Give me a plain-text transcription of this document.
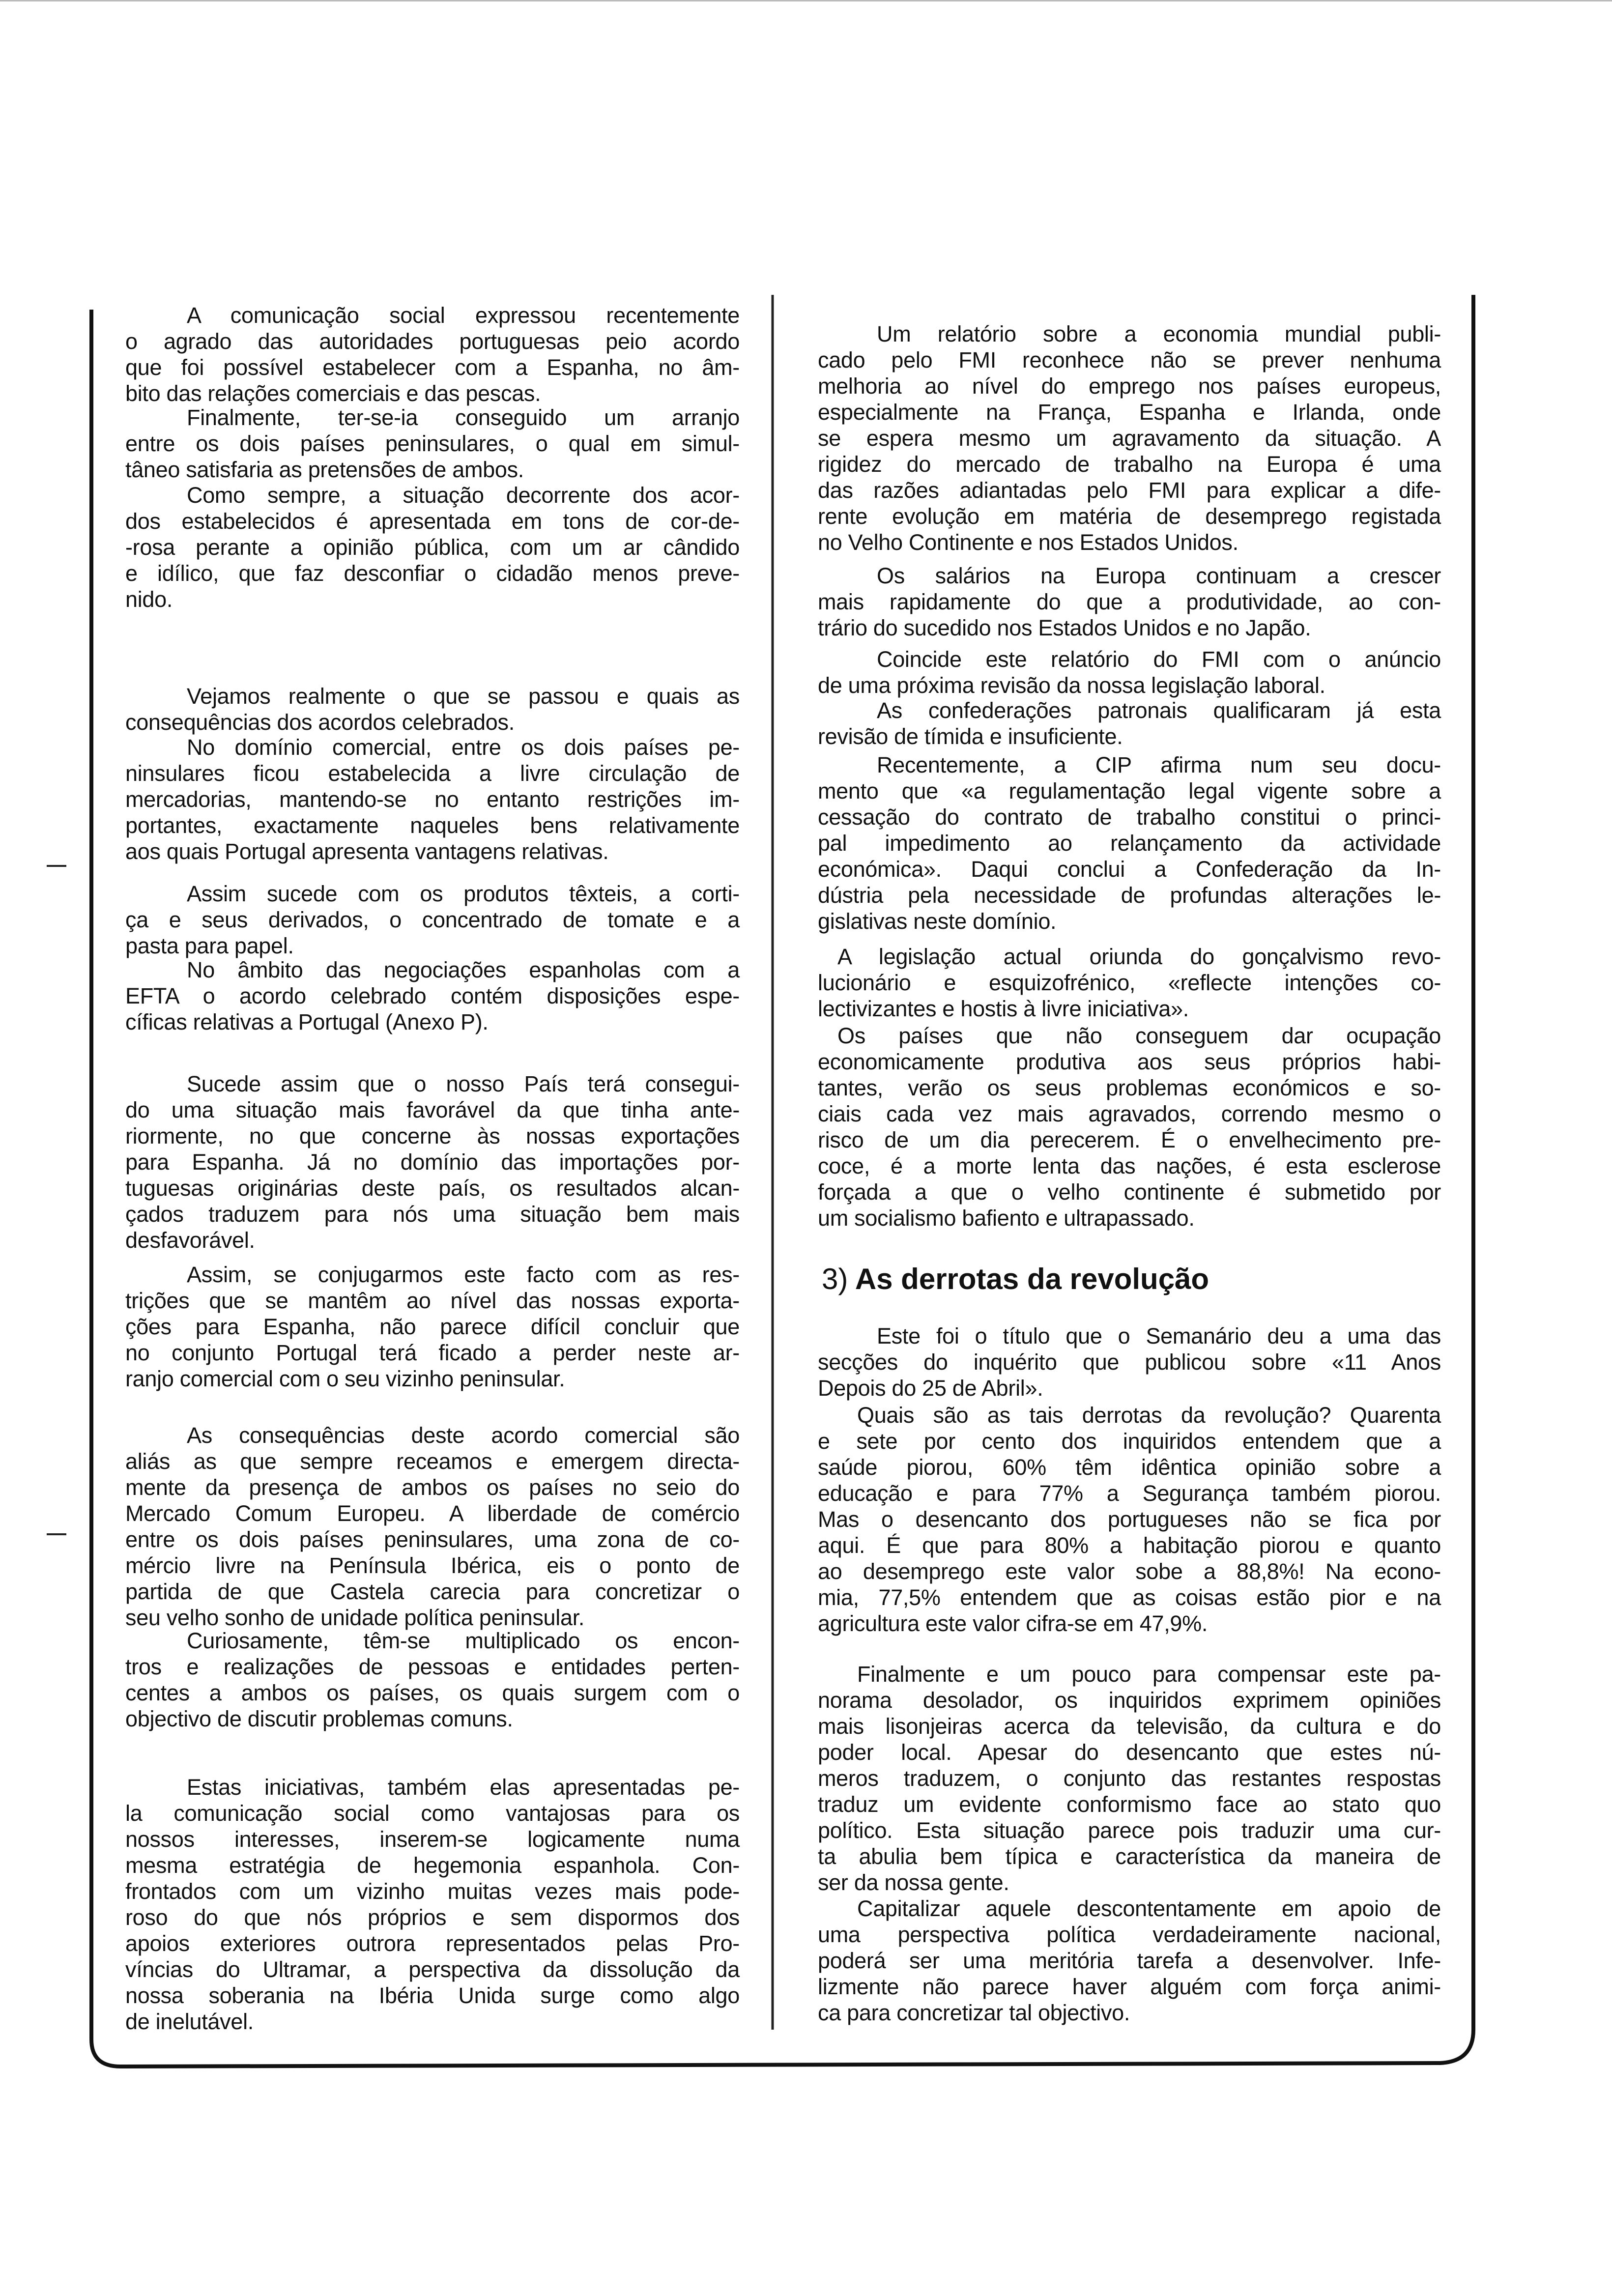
A comunicação social expressou recentemente
o agrado das autoridades portuguesas peio acordo
que foi possível estabelecer com a Espanha, no âm-
bito das relações comerciais e das pescas.
Finalmente, ter-se-ia conseguido um arranjo
entre os dois países peninsulares, o qual em simul-
tâneo satisfaria as pretensões de ambos.
Como sempre, a situação decorrente dos acor-
dos estabelecidos é apresentada em tons de cor-de-
-rosa perante a opinião pública, com um ar cândido
e idílico, que faz desconfiar o cidadão menos preve-
nido.
Vejamos realmente o que se passou e quais as
consequências dos acordos celebrados.
No domínio comercial, entre os dois países pe-
ninsulares ficou estabelecida a livre circulação de
mercadorias, mantendo-se no entanto restrições im-
portantes, exactamente naqueles bens relativamente
aos quais Portugal apresenta vantagens relativas.
Assim sucede com os produtos têxteis, a corti-
ça e seus derivados, o concentrado de tomate e a
pasta para papel.
No âmbito das negociações espanholas com a
EFTA o acordo celebrado contém disposições espe-
cíficas relativas a Portugal (Anexo P).
Sucede assim que o nosso País terá consegui-
do uma situação mais favorável da que tinha ante-
riormente, no que concerne às nossas exportações
para Espanha. Já no domínio das importações por-
tuguesas originárias deste país, os resultados alcan-
çados traduzem para nós uma situação bem mais
desfavorável.
Assim, se conjugarmos este facto com as res-
trições que se mantêm ao nível das nossas exporta-
ções para Espanha, não parece difícil concluir que
no conjunto Portugal terá ficado a perder neste ar-
ranjo comercial com o seu vizinho peninsular.
As consequências deste acordo comercial são
aliás as que sempre receamos e emergem directa-
mente da presença de ambos os países no seio do
Mercado Comum Europeu. A liberdade de comércio
entre os dois países peninsulares, uma zona de co-
mércio livre na Península Ibérica, eis o ponto de
partida de que Castela carecia para concretizar o
seu velho sonho de unidade política peninsular.
Curiosamente, têm-se multiplicado os encon-
tros e realizações de pessoas e entidades perten-
centes a ambos os países, os quais surgem com o
objectivo de discutir problemas comuns.
Estas iniciativas, também elas apresentadas pe-
la comunicação social como vantajosas para os
nossos interesses, inserem-se logicamente numa
mesma estratégia de hegemonia espanhola. Con-
frontados com um vizinho muitas vezes mais pode-
roso do que nós próprios e sem dispormos dos
apoios exteriores outrora representados pelas Pro-
víncias do Ultramar, a perspectiva da dissolução da
nossa soberania na Ibéria Unida surge como algo
de inelutável.
Um relatório sobre a economia mundial publi-
cado pelo FMI reconhece não se prever nenhuma
melhoria ao nível do emprego nos países europeus,
especialmente na França, Espanha e Irlanda, onde
se espera mesmo um agravamento da situação. A
rigidez do mercado de trabalho na Europa é uma
das razões adiantadas pelo FMI para explicar a dife-
rente evolução em matéria de desemprego registada
no Velho Continente e nos Estados Unidos.
Os salários na Europa continuam a crescer
mais rapidamente do que a produtividade, ao con-
trário do sucedido nos Estados Unidos e no Japão.
Coincide este relatório do FMI com o anúncio
de uma próxima revisão da nossa legislação laboral.
As confederações patronais qualificaram já esta
revisão de tímida e insuficiente.
Recentemente, a CIP afirma num seu docu-
mento que «a regulamentação legal vigente sobre a
cessação do contrato de trabalho constitui o princi-
pal impedimento ao relançamento da actividade
económica». Daqui conclui a Confederação da In-
dústria pela necessidade de profundas alterações le-
gislativas neste domínio.
A legislação actual oriunda do gonçalvismo revo-
lucionário e esquizofrénico, «reflecte intenções co-
lectivizantes e hostis à livre iniciativa».
Os países que não conseguem dar ocupação
economicamente produtiva aos seus próprios habi-
tantes, verão os seus problemas económicos e so-
ciais cada vez mais agravados, correndo mesmo o
risco de um dia perecerem. É o envelhecimento pre-
coce, é a morte lenta das nações, é esta esclerose
forçada a que o velho continente é submetido por
um socialismo bafiento e ultrapassado.
Este foi o título que o Semanário deu a uma das
secções do inquérito que publicou sobre «11 Anos
Depois do 25 de Abril».
Quais são as tais derrotas da revolução? Quarenta
e sete por cento dos inquiridos entendem que a
saúde piorou, 60% têm idêntica opinião sobre a
educação e para 77% a Segurança também piorou.
Mas o desencanto dos portugueses não se fica por
aqui. É que para 80% a habitação piorou e quanto
ao desemprego este valor sobe a 88,8%! Na econo-
mia, 77,5% entendem que as coisas estão pior e na
agricultura este valor cifra-se em 47,9%.
Finalmente e um pouco para compensar este pa-
norama desolador, os inquiridos exprimem opiniões
mais lisonjeiras acerca da televisão, da cultura e do
poder local. Apesar do desencanto que estes nú-
meros traduzem, o conjunto das restantes respostas
traduz um evidente conformismo face ao stato quo
político. Esta situação parece pois traduzir uma cur-
ta abulia bem típica e característica da maneira de
ser da nossa gente.
Capitalizar aquele descontentamente em apoio de
uma perspectiva política verdadeiramente nacional,
poderá ser uma meritória tarefa a desenvolver. Infe-
lizmente não parece haver alguém com força animi-
ca para concretizar tal objectivo.
3) As derrotas da revolução
